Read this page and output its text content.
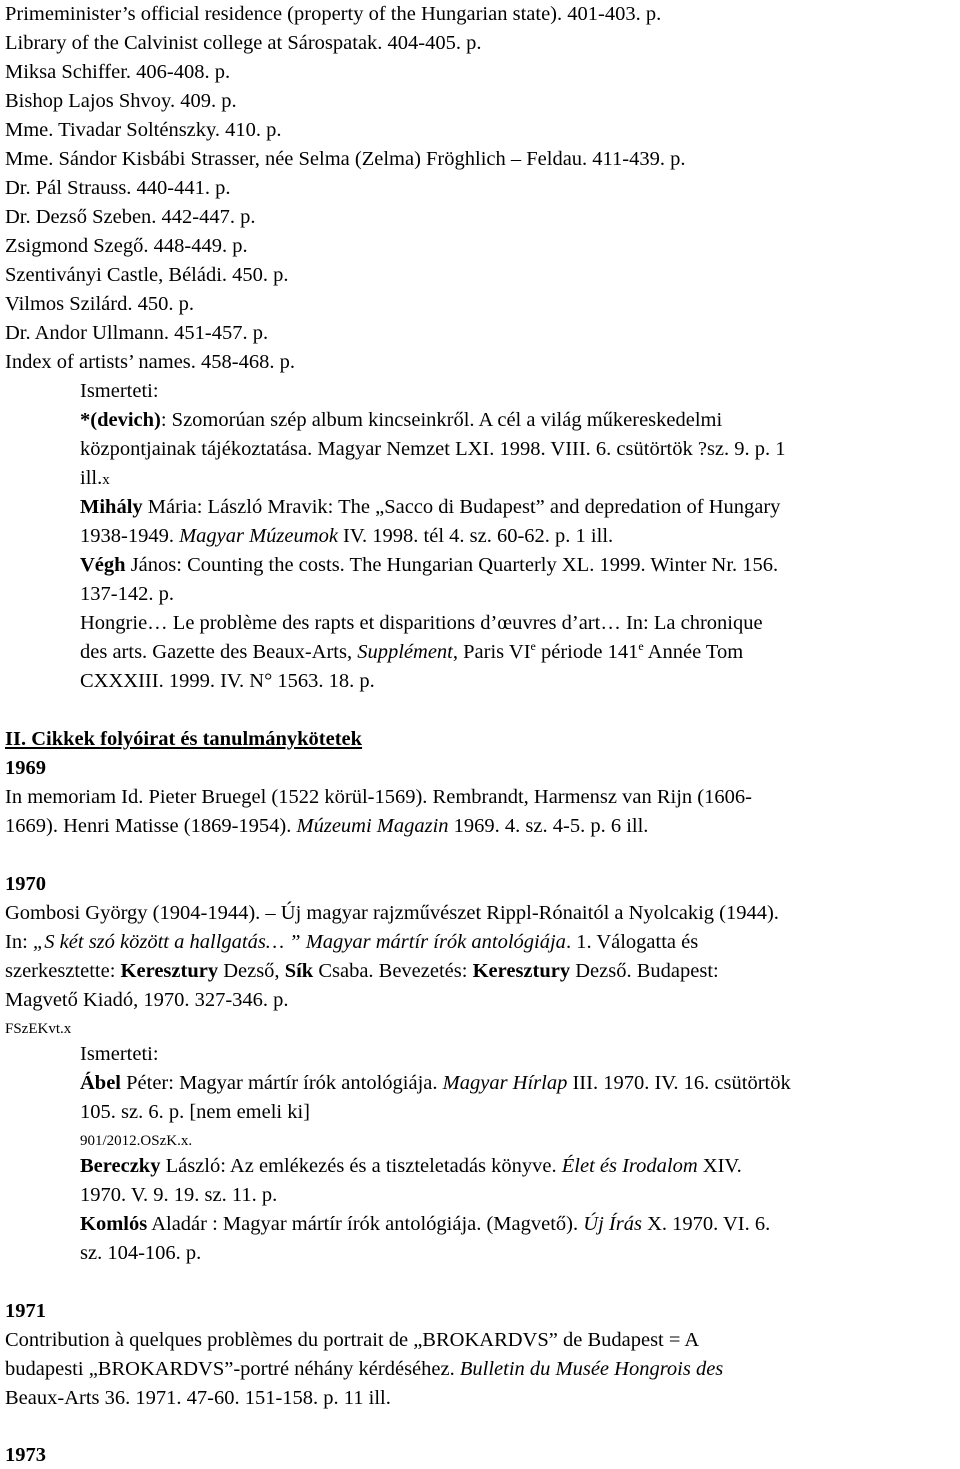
Primeminister’s official residence (property of the Hungarian state). 401-403. p.
Library of the Calvinist college at Sárospatak. 404-405. p.
Miksa Schiffer. 406-408. p.
Bishop Lajos Shvoy. 409. p.
Mme. Tivadar Solténszky. 410. p.
Mme. Sándor Kisbábi Strasser, née Selma (Zelma) Fröghlich – Feldau. 411-439. p.
Dr. Pál Strauss. 440-441. p.
Dr. Dezső Szeben. 442-447. p.
Zsigmond Szegő. 448-449. p.
Szentiványi Castle, Béládi. 450. p.
Vilmos Szilárd. 450. p.
Dr. Andor Ullmann. 451-457. p.
Index of artists’ names. 458-468. p.
Ismerteti:
*(devich): Szomorúan szép album kincseinkről. A cél a világ műkereskedelmi
központjainak tájékoztatása. Magyar Nemzet LXI. 1998. VIII. 6. csütörtök ?sz. 9. p. 1
ill.x
Mihály Mária: László Mravik: The „Sacco di Budapest” and depredation of Hungary
1938-1949. Magyar Múzeumok IV. 1998. tél 4. sz. 60-62. p. 1 ill.
Végh János: Counting the costs. The Hungarian Quarterly XL. 1999. Winter Nr. 156.
137-142. p.
Hongrie… Le problème des rapts et disparitions d’œuvres d’art… In: La chronique
des arts. Gazette des Beaux-Arts, Supplément, Paris VIe période 141e Année Tom
CXXXIII. 1999. IV. N° 1563. 18. p.
II. Cikkek folyóirat és tanulmánykötetek
1969
In memoriam Id. Pieter Bruegel (1522 körül-1569). Rembrandt, Harmensz van Rijn (1606-
1669). Henri Matisse (1869-1954). Múzeumi Magazin 1969. 4. sz. 4-5. p. 6 ill.
1970
Gombosi György (1904-1944). – Új magyar rajzművészet Rippl-Rónaitól a Nyolcakig (1944).
In: „S két szó között a hallgatás… ” Magyar mártír írók antológiája. 1. Válogatta és
szerkesztette: Keresztury Dezső, Sík Csaba. Bevezetés: Keresztury Dezső. Budapest:
Magvető Kiadó, 1970. 327-346. p.
FSzEKvt.x
Ismerteti:
Ábel Péter: Magyar mártír írók antológiája. Magyar Hírlap III. 1970. IV. 16. csütörtök
105. sz. 6. p. [nem emeli ki]
901/2012.OSzK.x.
Bereczky László: Az emlékezés és a tiszteletadás könyve. Élet és Irodalom XIV.
1970. V. 9. 19. sz. 11. p.
Komlós Aladár : Magyar mártír írók antológiája. (Magvető). Új Írás X. 1970. VI. 6.
sz. 104-106. p.
1971
Contribution à quelques problèmes du portrait de „BROKARDVS” de Budapest = A
budapesti „BROKARDVS”-portré néhány kérdéséhez. Bulletin du Musée Hongrois des
Beaux-Arts 36. 1971. 47-60. 151-158. p. 11 ill.
1973
